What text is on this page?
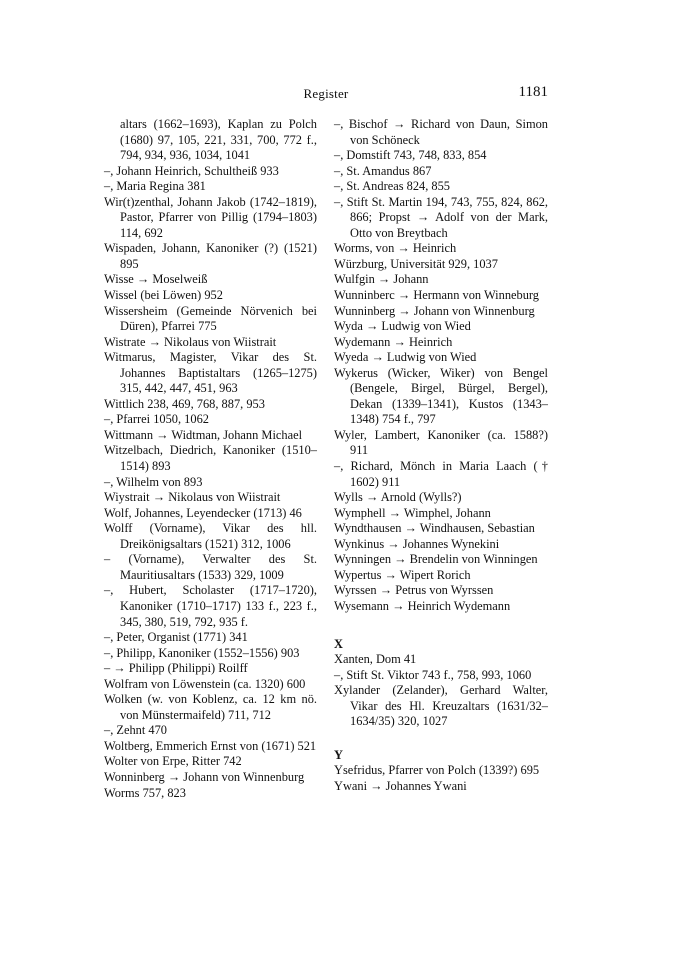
Register	1181

altars (1662–1693), Kaplan zu Polch (1680) 97, 105, 221, 331, 700, 772 f., 794, 934, 936, 1034, 1041

–, Johann Heinrich, Schultheiß 933

–, Maria Regina 381

Wir(t)zenthal, Johann Jakob (1742–1819), Pastor, Pfarrer von Pillig (1794–1803) 114, 692

Wispaden, Johann, Kanoniker (?) (1521) 895

Wisse → Moselweiß

Wissel (bei Löwen) 952

Wissersheim (Gemeinde Nörvenich bei Düren), Pfarrei 775

Wistrate → Nikolaus von Wiistrait

Witmarus, Magister, Vikar des St. Johannes Baptistaltars (1265–1275) 315, 442, 447, 451, 963

Wittlich 238, 469, 768, 887, 953

–, Pfarrei 1050, 1062

Wittmann → Widtman, Johann Michael

Witzelbach, Diedrich, Kanoniker (1510–1514) 893

–, Wilhelm von 893

Wiystrait → Nikolaus von Wiistrait

Wolf, Johannes, Leyendecker (1713) 46

Wolff (Vorname), Vikar des hll. Dreikönigsaltars (1521) 312, 1006

– (Vorname), Verwalter des St. Mauritiusaltars (1533) 329, 1009

–, Hubert, Scholaster (1717–1720), Kanoniker (1710–1717) 133 f., 223 f., 345, 380, 519, 792, 935 f.

–, Peter, Organist (1771) 341

–, Philipp, Kanoniker (1552–1556) 903

– → Philipp (Philippi) Roilff

Wolfram von Löwenstein (ca. 1320) 600

Wolken (w. von Koblenz, ca. 12 km nö. von Münstermaifeld) 711, 712

–, Zehnt 470

Woltberg, Emmerich Ernst von (1671) 521

Wolter von Erpe, Ritter 742

Wonninberg → Johann von Winnenburg

Worms 757, 823

–, Bischof → Richard von Daun, Simon von Schöneck

–, Domstift 743, 748, 833, 854

–, St. Amandus 867

–, St. Andreas 824, 855

–, Stift St. Martin 194, 743, 755, 824, 862, 866; Propst → Adolf von der Mark, Otto von Breytbach

Worms, von → Heinrich

Würzburg, Universität 929, 1037

Wulfgin → Johann

Wunninberc → Hermann von Winneburg

Wunninberg → Johann von Winnenburg

Wyda → Ludwig von Wied

Wydemann → Heinrich

Wyeda → Ludwig von Wied

Wykerus (Wicker, Wiker) von Bengel (Bengele, Birgel, Bürgel, Bergel), Dekan (1339–1341), Kustos (1343–1348) 754 f., 797

Wyler, Lambert, Kanoniker (ca. 1588?) 911

–, Richard, Mönch in Maria Laach († 1602) 911

Wylls → Arnold (Wylls?)

Wymphell → Wimphel, Johann

Wyndthausen → Windhausen, Sebastian

Wynkinus → Johannes Wynekini

Wynningen → Brendelin von Winningen

Wypertus → Wipert Rorich

Wyrssen → Petrus von Wyrssen

Wysemann → Heinrich Wydemann

X

Xanten, Dom 41

–, Stift St. Viktor 743 f., 758, 993, 1060

Xylander (Zelander), Gerhard Walter, Vikar des Hl. Kreuzaltars (1631/32–1634/35) 320, 1027

Y

Ysefridus, Pfarrer von Polch (1339?) 695

Ywani → Johannes Ywani
